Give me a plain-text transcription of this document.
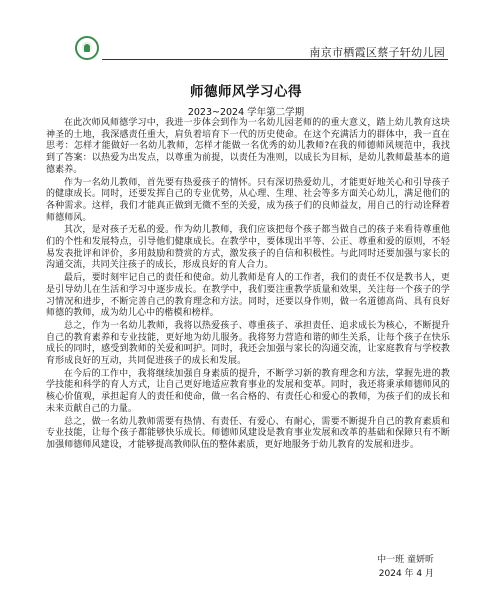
南京市栖霞区蔡子轩幼儿园
师德师风学习心得
2023~2024 学年第二学期

在此次师风师德学习中，我进一步体会到作为一名幼儿园老师的的重大意义，踏上幼儿教育这块神圣的土地，我深感责任重大，肩负着培育下一代的历史使命。在这个充满活力的群体中，我一直在思考：怎样才能做好一名幼儿教师，怎样才能做一名优秀的幼儿教师?在我的师德师风规范中，我找到了答案：以热爱为出发点，以尊重为前提，以责任为准则，以成长为目标，是幼儿教师最基本的道德素养。

作为一名幼儿教师，首先要有热爱孩子的情怀。只有深切热爱幼儿，才能更好地关心和引导孩子的健康成长。同时，还要发挥自己的专业优势，从心理、生理、社会等多方面关心幼儿，满足他们的各种需求。这样，我们才能真正做到无微不至的关爱，成为孩子们的良师益友，用自己的行动诠释着师德师风。

其次，是对孩子无私的爱。作为幼儿教师，我们应该把每个孩子都当做自己的孩子来看待尊重他们的个性和发展特点，引导他们健康成长。在教学中，要体现出平等、公正、尊重和爱的原则，不轻易发表批评和评价，多用鼓励和赞赏的方式，激发孩子的自信和积极性。与此同时还要加强与家长的沟通交流，共同关注孩子的成长，形成良好的育人合力。

最后，要时刻牢记自己的责任和使命。幼儿教师是育人的工作者，我们的责任不仅是教书人，更是引导幼儿在生活和学习中逐步成长。在教学中，我们要注重教学质量和效果，关注每一个孩子的学习情况和进步，不断完善自己的教育理念和方法。同时，还要以身作则，做一名道德高尚、具有良好师德的教师，成为幼儿心中的楷模和榜样。

总之，作为一名幼儿教师，我将以热爱孩子、尊重孩子、承担责任、追求成长为核心，不断提升自己的教育素养和专业技能，更好地为幼儿服务。我将努力营造和谐的师生关系，让每个孩子在快乐成长的同时，感受到教师的关爱和呵护。同时，我还会加强与家长的沟通交流，让家庭教育与学校教育形成良好的互动，共同促进孩子的成长和发展。

在今后的工作中，我将继续加强自身素质的提升，不断学习新的教育理念和方法，掌握先进的教学技能和科学的育人方式，让自己更好地适应教育事业的发展和变革。同时，我还将秉承师德师风的核心价值观，承担起育人的责任和使命，做一名合格的、有责任心和爱心的教师，为孩子们的成长和未来贡献自己的力量。

总之，做一名幼儿教师需要有热情、有责任、有爱心、有耐心，需要不断提升自己的教育素质和专业技能，让每个孩子都能够快乐成长。师德师风建设是教育事业发展和改革的基础和保障只有不断加强师德师风建设，才能够提高教师队伍的整体素质，更好地服务于幼儿教育的发展和进步。

中一班 童妍昕
2024 年 4 月
